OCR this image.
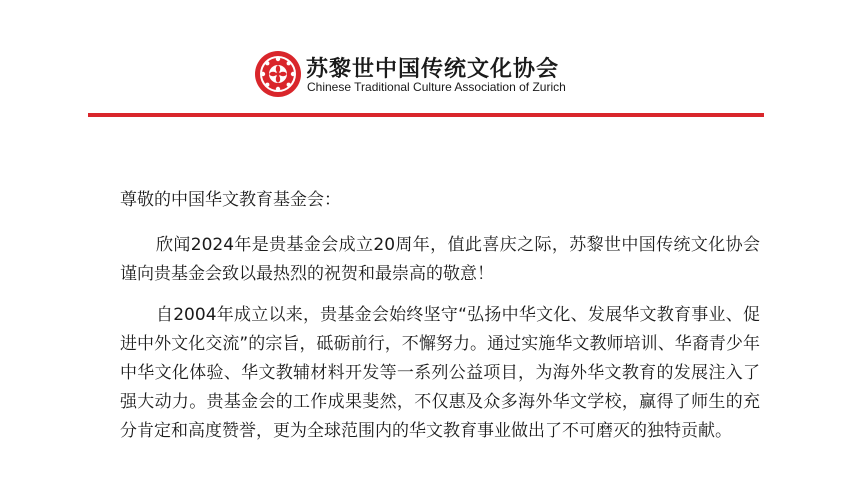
苏黎世中国传统文化协会
Chinese Traditional Culture Association of Zurich

尊敬的中国华文教育基金会：

欣闻2024年是贵基金会成立20周年，值此喜庆之际，苏黎世中国传统文化协会谨向贵基金会致以最热烈的祝贺和最崇高的敬意！

自2004年成立以来，贵基金会始终坚守“弘扬中华文化、发展华文教育事业、促进中外文化交流”的宗旨，砥砺前行，不懈努力。通过实施华文教师培训、华裔青少年中华文化体验、华文教辅材料开发等一系列公益项目，为海外华文教育的发展注入了强大动力。贵基金会的工作成果斐然，不仅惠及众多海外华文学校，赢得了师生的充分肯定和高度赞誉，更为全球范围内的华文教育事业做出了不可磨灭的独特贡献。
